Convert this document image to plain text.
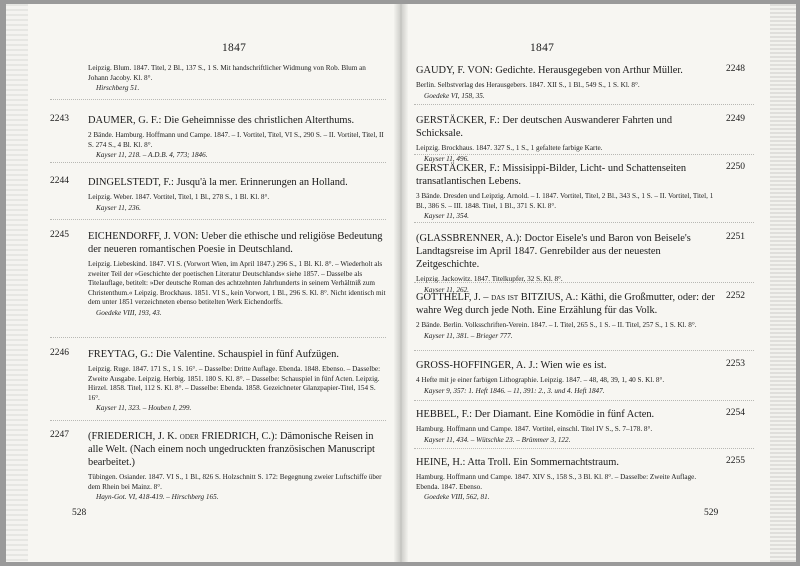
1847
Leipzig. Blum. 1847. Titel, 2 Bl., 137 S., 1 S. Mit handschriftlicher Widmung von Rob. Blum an Johann Jacoby. Kl. 8°.
Hirschberg 51.
2243 DAUMER, G. F.: Die Geheimnisse des christlichen Alterthums.
2 Bände. Hamburg. Hoffmann und Campe. 1847. – I. Vortitel, Titel, VI S., 290 S. – II. Vortitel, Titel, II S. 274 S., 4 Bl. Kl. 8°.
Kayser 11, 218. – A.D.B. 4, 773; 1846.
2244 DINGELSTEDT, F.: Jusqu'à la mer. Erinnerungen an Holland.
Leipzig. Weber. 1847. Vortitel, Titel, 1 Bl., 278 S., 1 Bl. Kl. 8°.
Kayser 11, 236.
2245 EICHENDORFF, J. VON: Ueber die ethische und religiöse Bedeutung der neueren romantischen Poesie in Deutschland.
Leipzig. Liebeskind. 1847. VI S. (Vorwort Wien, im April 1847.) 296 S., 1 Bl. Kl. 8°. – Wiederholt als zweiter Teil der »Geschichte der poetischen Literatur Deutschlands« siehe 1857. – Dasselbe als Titelauflage, betitelt: »Der deutsche Roman des achtzehnten Jahrhunderts in seinem Verhältniß zum Christenthum.« Leipzig. Brockhaus. 1851. VI S., kein Vorwort, 1 Bl., 296 S. Kl. 8°. Nicht identisch mit dem unter 1851 verzeichneten ebenso betitelten Werk Eichendorffs.
Goedeke VIII, 193, 43.
2246 FREYTAG, G.: Die Valentine. Schauspiel in fünf Aufzügen.
Leipzig. Ruge. 1847. 171 S., 1 S. 16°. – Dasselbe: Dritte Auflage. Ebenda. 1848. Ebenso. – Dasselbe: Zweite Ausgabe. Leipzig. Herbig. 1851. 180 S. Kl. 8°. – Dasselbe: Schauspiel in fünf Acten. Leipzig. Hirzel. 1858. Titel, 112 S. Kl. 8°. – Dasselbe: Ebenda. 1858. Gezeichneter Glanzpapier-Titel, 154 S. 16°.
Kayser 11, 323. – Houben I, 299.
2247 (FRIEDERICH, J. K. oder FRIEDRICH, C.): Dämonische Reisen in alle Welt. (Nach einem noch ungedruckten französischen Manuscript bearbeitet.)
Tübingen. Osiander. 1847. VI S., 1 Bl., 826 S. Holzschnitt S. 172: Begegnung zweier Luftschiffe über dem Rhein bei Mainz. 8°.
Hayn-Got. VI, 418-419. – Hirschberg 165.
528
1847
2248
GAUDY, F. VON: Gedichte. Herausgegeben von Arthur Müller.
Berlin. Selbstverlag des Herausgebers. 1847. XII S., 1 Bl., 549 S., 1 S. Kl. 8°.
Goedeke VI, 158, 35.
2249
GERSTÄCKER, F.: Der deutschen Auswanderer Fahrten und Schicksale.
Leipzig. Brockhaus. 1847. 327 S., 1 S., 1 gefaltete farbige Karte.
Kayser 11, 496.
2250
GERSTÄCKER, F.: Missisippi-Bilder, Licht- und Schattenseiten transatlantischen Lebens.
3 Bände. Dresden und Leipzig. Arnold. – I. 1847. Vortitel, Titel, 2 Bl., 343 S., 1 S. – II. Vortitel, Titel, 1 Bl., 386 S. – III. 1848. Titel, 1 Bl., 371 S. Kl. 8°.
Kayser 11, 354.
2251
(GLASSBRENNER, A.): Doctor Eisele's und Baron von Beisele's Landtagsreise im April 1847. Genrebilder aus der neuesten Zeitgeschichte.
Leipzig. Jackowitz. 1847. Titelkupfer, 32 S. Kl. 8°.
Kayser 11, 262.
2252
GOTTHELF, J. – das ist BITZIUS, A.: Käthi, die Großmutter, oder: der wahre Weg durch jede Noth. Eine Erzählung für das Volk.
2 Bände. Berlin. Volksschriften-Verein. 1847. – I. Titel, 265 S., 1 S. – II. Titel, 257 S., 1 S. Kl. 8°.
Kayser 11, 381. – Brieger 777.
2253
GROSS-HOFFINGER, A. J.: Wien wie es ist.
4 Hefte mit je einer farbigen Lithographie. Leipzig. 1847. – 48, 48, 39, 1, 40 S. Kl. 8°.
Kayser 9, 357: 1. Heft 1846. – 11, 391: 2., 3. und 4. Heft 1847.
2254
HEBBEL, F.: Der Diamant. Eine Komödie in fünf Acten.
Hamburg. Hoffmann und Campe. 1847. Vortitel, einschl. Titel IV S., S. 7–178. 8°.
Kayser 11, 434. – Wütschke 23. – Brümmer 3, 122.
2255
HEINE, H.: Atta Troll. Ein Sommernachtstraum.
Hamburg. Hoffmann und Campe. 1847. XIV S., 158 S., 3 Bl. Kl. 8°. – Dasselbe: Zweite Auflage. Ebenda. 1847. Ebenso.
Goedeke VIII, 562, 81.
529
